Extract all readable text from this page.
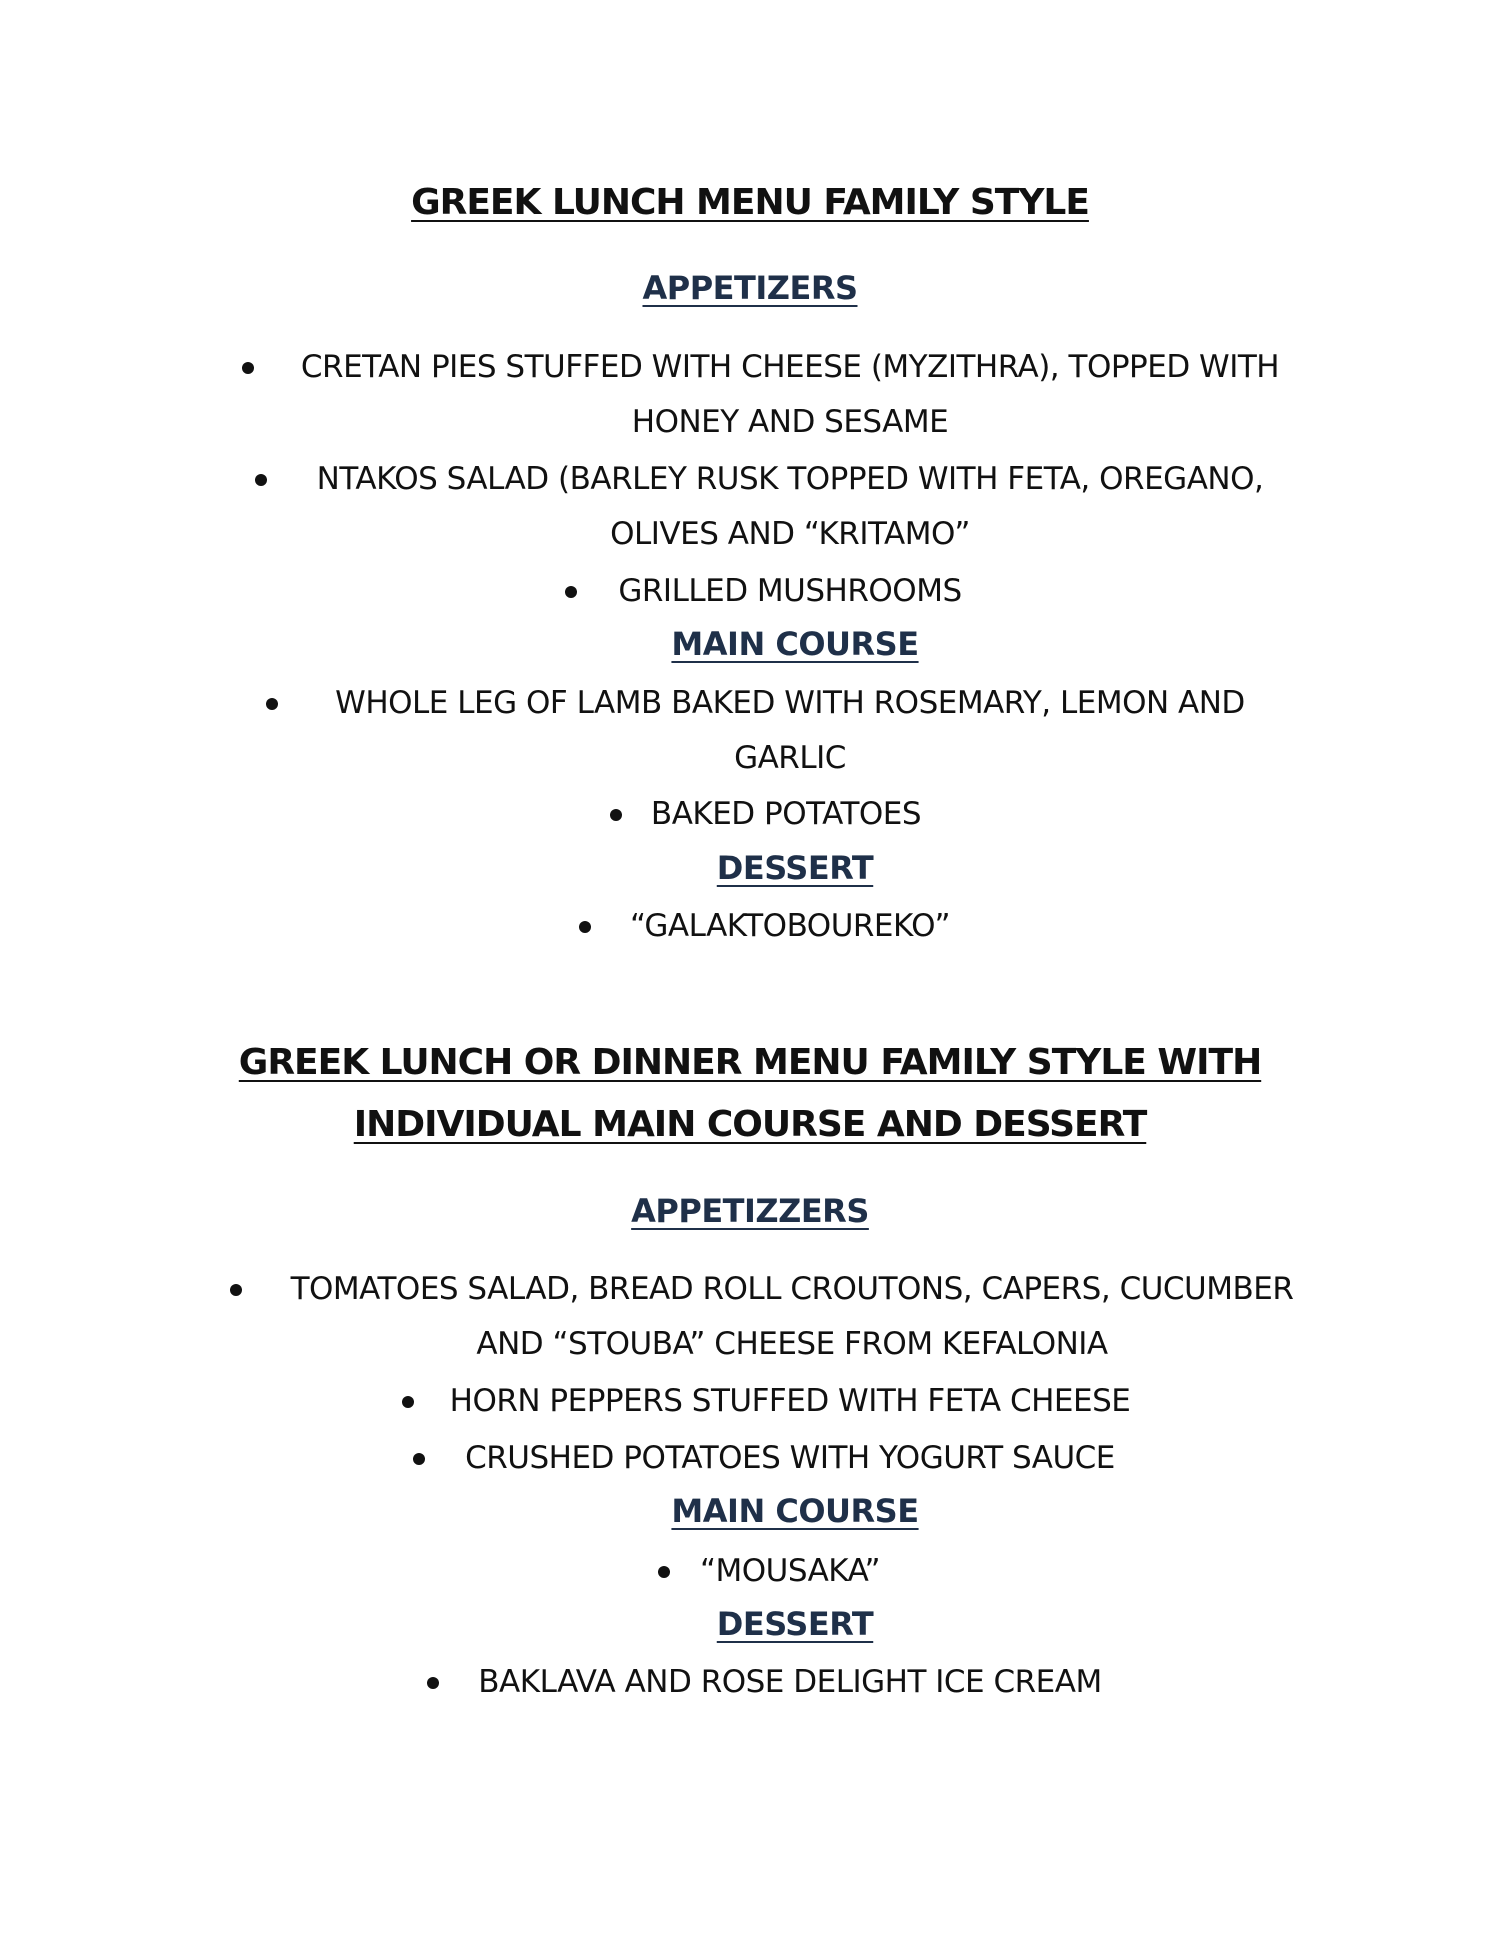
GREEK LUNCH MENU FAMILY STYLE
APPETIZERS
CRETAN PIES STUFFED WITH CHEESE (MYZITHRA), TOPPED WITH HONEY AND SESAME
NTAKOS SALAD (BARLEY RUSK TOPPED WITH FETA, OREGANO, OLIVES AND “KRITAMO”
GRILLED MUSHROOMS
MAIN COURSE
WHOLE LEG OF LAMB BAKED WITH ROSEMARY, LEMON AND GARLIC
BAKED POTATOES
DESSERT
“GALAKTOBOUREKO”
GREEK LUNCH OR DINNER MENU FAMILY STYLE WITH
INDIVIDUAL MAIN COURSE AND DESSERT
APPETIZZERS
TOMATOES SALAD, BREAD ROLL CROUTONS, CAPERS, CUCUMBER AND “STOUBA” CHEESE FROM KEFALONIA
HORN PEPPERS STUFFED WITH FETA CHEESE
CRUSHED POTATOES WITH YOGURT SAUCE
MAIN COURSE
“MOUSAKA”
DESSERT
BAKLAVA AND ROSE DELIGHT ICE CREAM
